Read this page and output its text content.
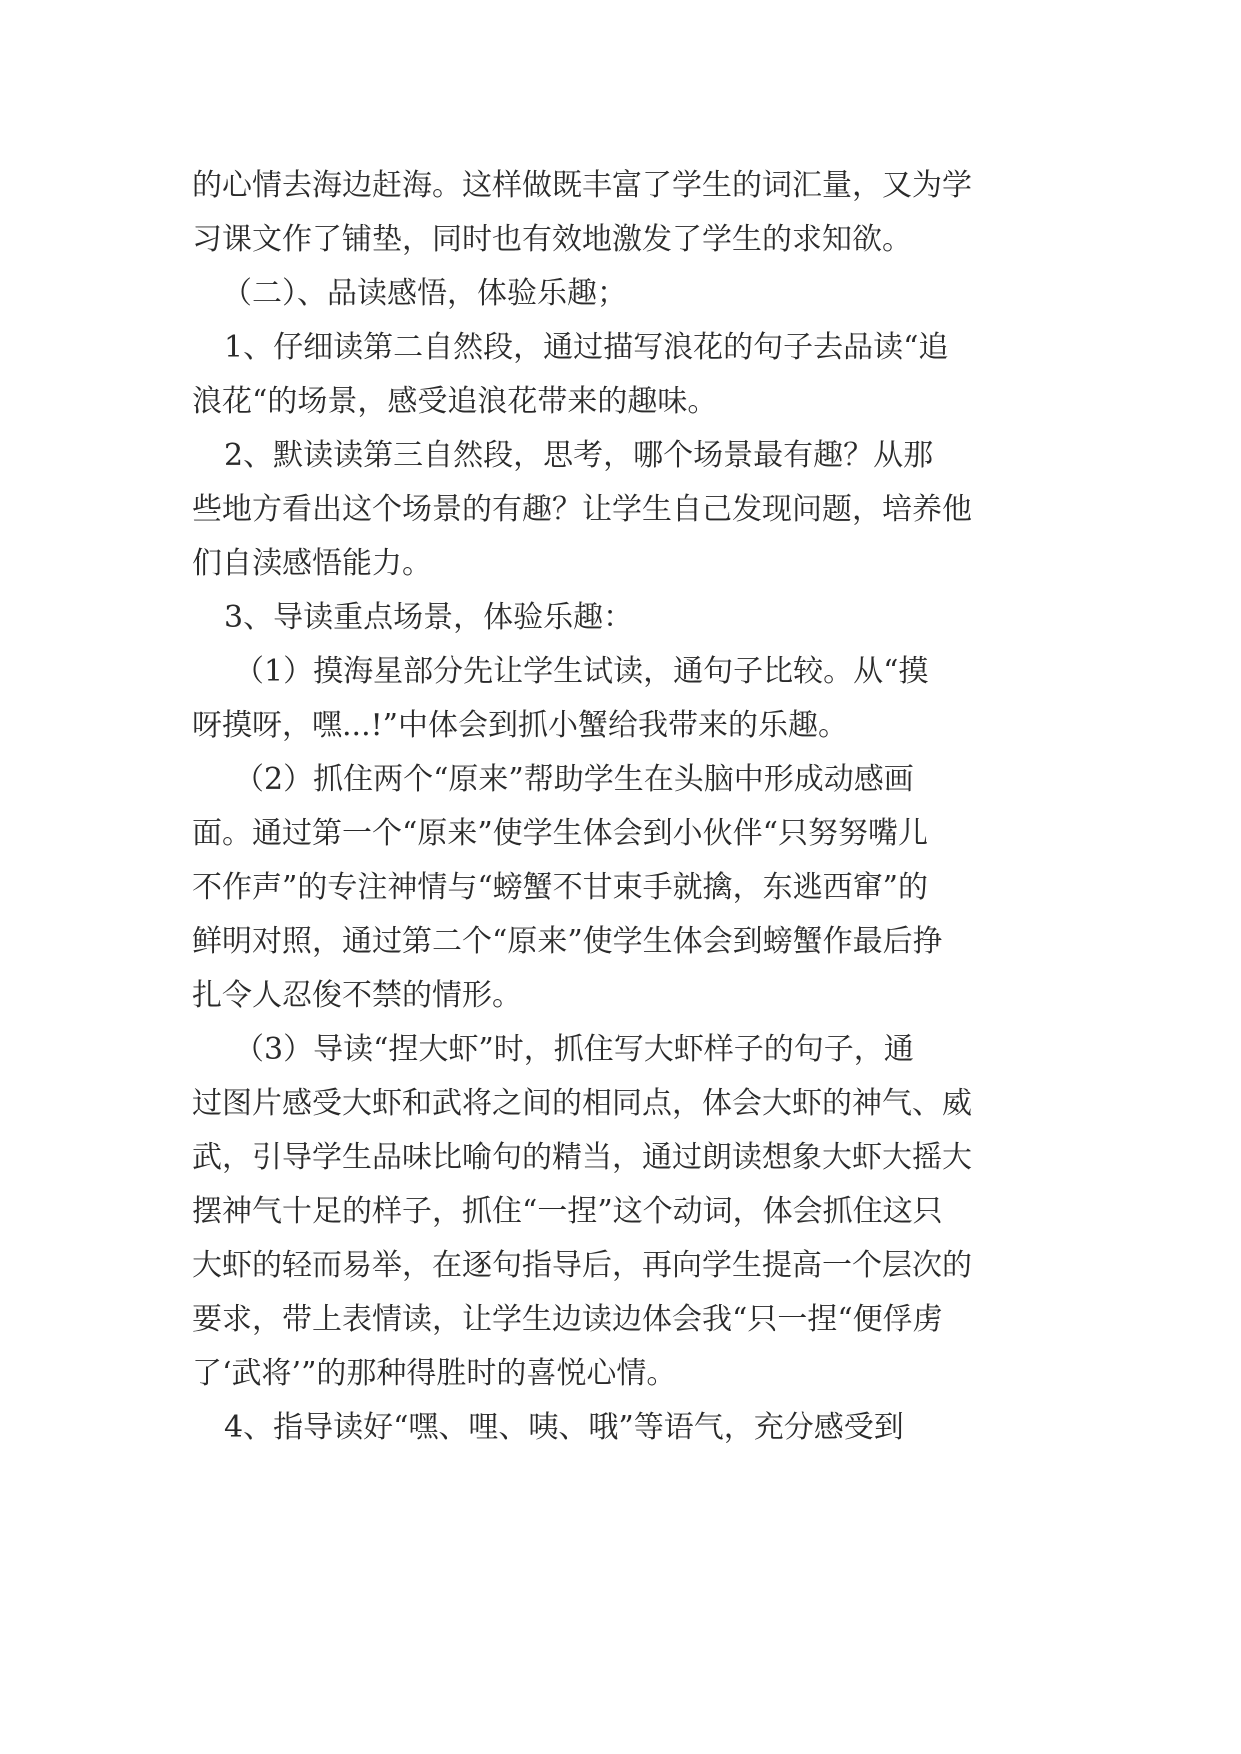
的心情去海边赶海。这样做既丰富了学生的词汇量，又为学
习课文作了铺垫，同时也有效地激发了学生的求知欲。
（二）、品读感悟，体验乐趣；
1、仔细读第二自然段，通过描写浪花的句子去品读“追
浪花“的场景，感受追浪花带来的趣味。
2、默读读第三自然段，思考，哪个场景最有趣？从那
些地方看出这个场景的有趣？让学生自己发现问题，培养他
们自渎感悟能力。
3、导读重点场景，体验乐趣：
（1）摸海星部分先让学生试读，通句子比较。从“摸
呀摸呀，嘿...!”中体会到抓小蟹给我带来的乐趣。
（2）抓住两个“原来”帮助学生在头脑中形成动感画
面。通过第一个“原来”使学生体会到小伙伴“只努努嘴儿
不作声”的专注神情与“螃蟹不甘束手就擒，东逃西窜”的
鲜明对照，通过第二个“原来”使学生体会到螃蟹作最后挣
扎令人忍俊不禁的情形。
（3）导读“捏大虾”时，抓住写大虾样子的句子，通
过图片感受大虾和武将之间的相同点，体会大虾的神气、威
武，引导学生品味比喻句的精当，通过朗读想象大虾大摇大
摆神气十足的样子，抓住“一捏”这个动词，体会抓住这只
大虾的轻而易举，在逐句指导后，再向学生提高一个层次的
要求，带上表情读，让学生边读边体会我“只一捏“便俘虏
了‘武将’”的那种得胜时的喜悦心情。
4、指导读好“嘿、哩、咦、哦”等语气，充分感受到
